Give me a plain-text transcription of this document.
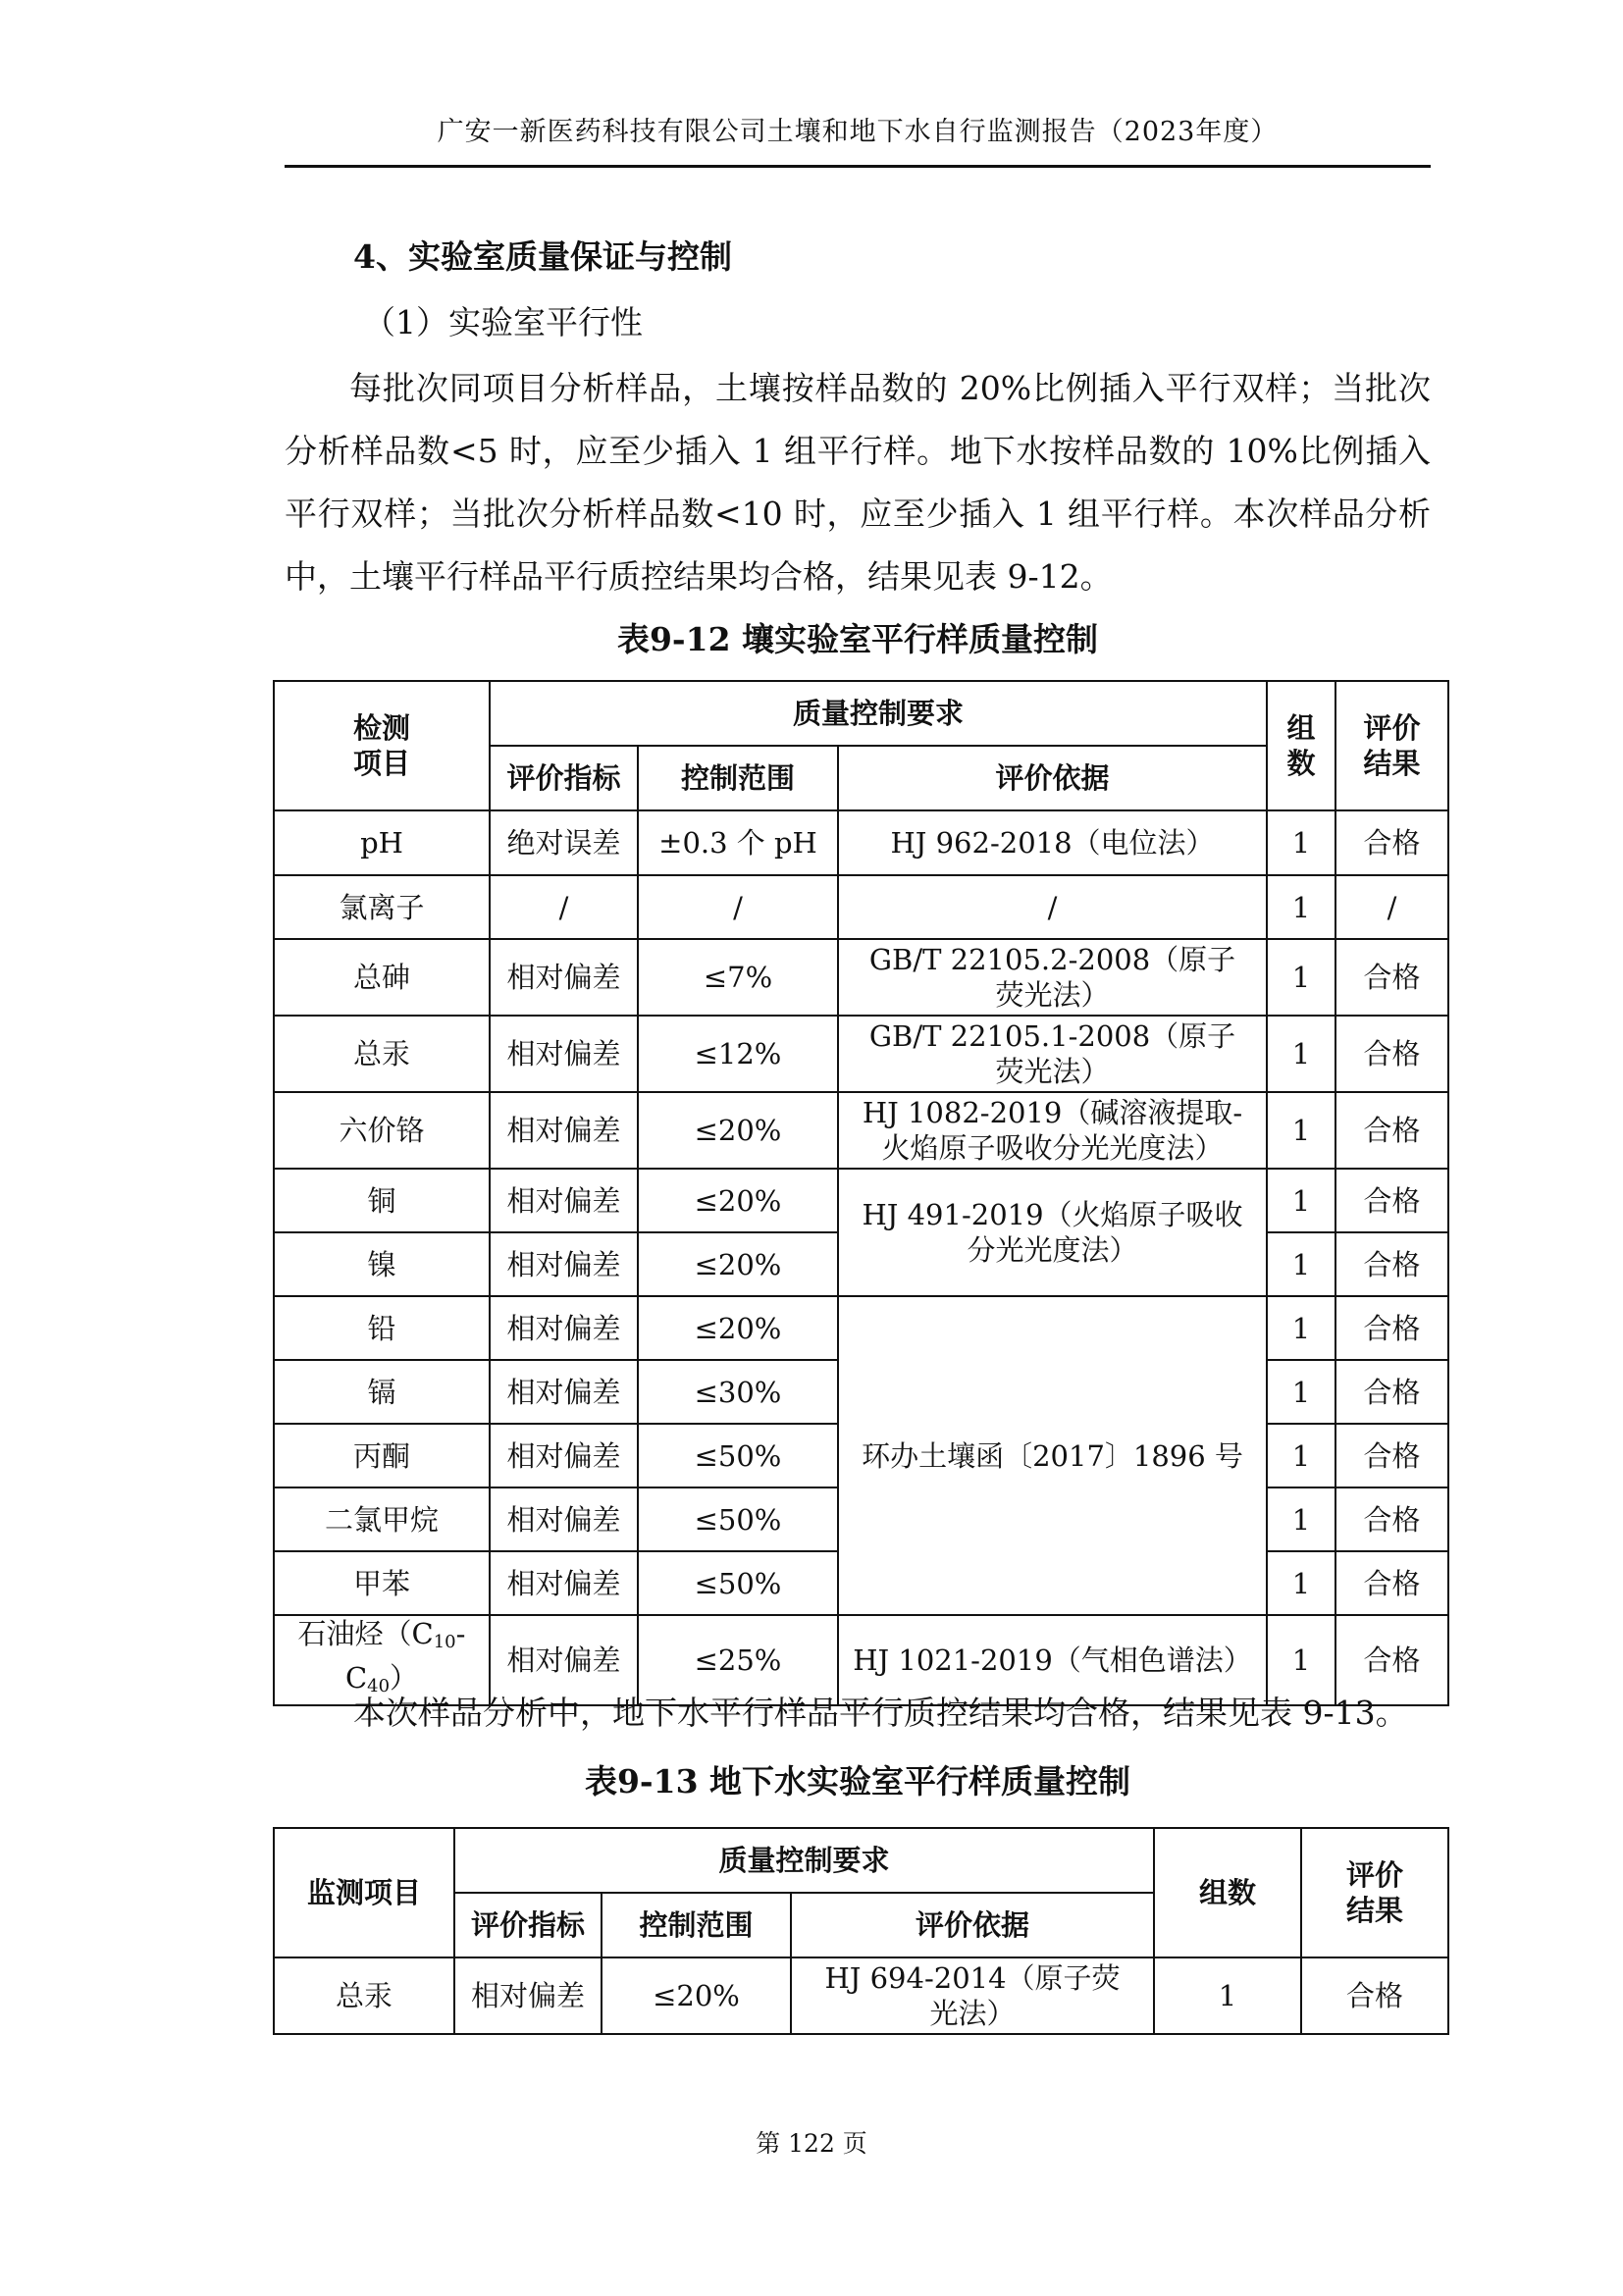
广安一新医药科技有限公司土壤和地下水自行监测报告（2023年度）
4、实验室质量保证与控制
（1）实验室平行性
每批次同项目分析样品，土壤按样品数的 20%比例插入平行双样；当批次分析样品数<5 时，应至少插入 1 组平行样。地下水按样品数的 10%比例插入平行双样；当批次分析样品数<10 时，应至少插入 1 组平行样。本次样品分析中，土壤平行样品平行质控结果均合格，结果见表 9-12。
表9-12 壤实验室平行样质量控制
检测项目	质量控制要求			组数	评价结果
	评价指标	控制范围	评价依据		
pH	绝对误差	±0.3 个 pH	HJ 962-2018（电位法）	1	合格
氯离子	/	/	/	1	/
总砷	相对偏差	≤7%	GB/T 22105.2-2008（原子荧光法）	1	合格
总汞	相对偏差	≤12%	GB/T 22105.1-2008（原子荧光法）	1	合格
六价铬	相对偏差	≤20%	HJ 1082-2019（碱溶液提取-火焰原子吸收分光光度法）	1	合格
铜	相对偏差	≤20%	HJ 491-2019（火焰原子吸收分光光度法）	1	合格
镍	相对偏差	≤20%		1	合格
铅	相对偏差	≤20%	环办土壤函〔2017〕1896 号	1	合格
镉	相对偏差	≤30%		1	合格
丙酮	相对偏差	≤50%		1	合格
二氯甲烷	相对偏差	≤50%		1	合格
甲苯	相对偏差	≤50%		1	合格
石油烃$(C_{10}-C_{40})$	相对偏差	≤25%	HJ 1021-2019（气相色谱法）	1	合格
本次样品分析中，地下水平行样品平行质控结果均合格，结果见表 9-13。
表9-13 地下水实验室平行样质量控制
监测项目	质量控制要求			组数	评价结果
	评价指标	控制范围	评价依据		
总汞	相对偏差	≤20%	HJ 694-2014（原子荧光法）	1	合格
第 122 页
